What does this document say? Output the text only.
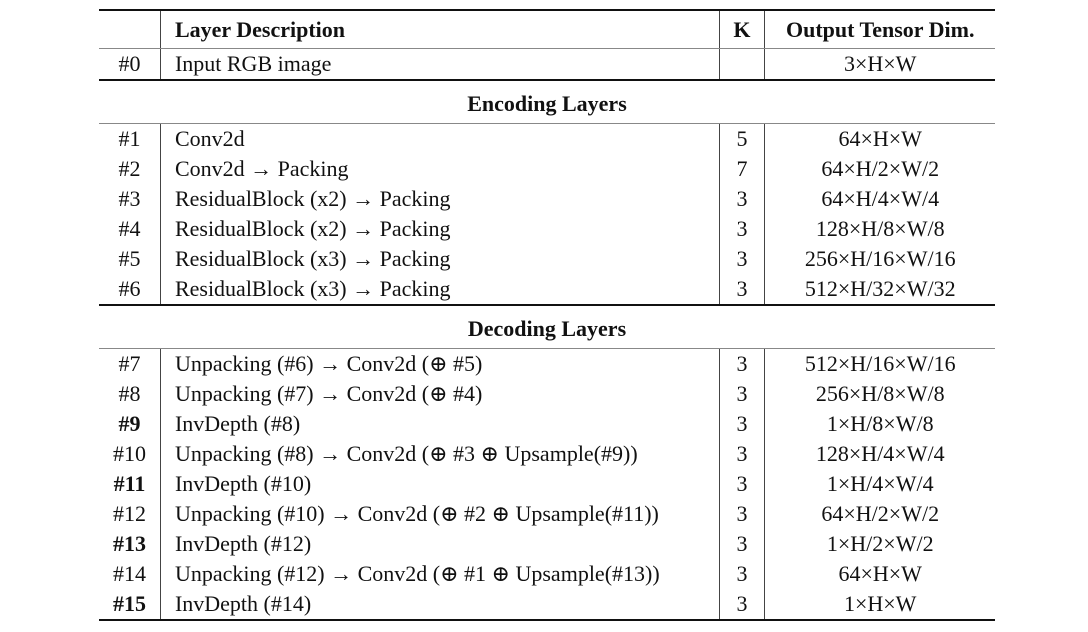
	Layer Description	K	Output Tensor Dim.
#0	Input RGB image		3×H×W
Encoding Layers			
#1	Conv2d	5	64×H×W
#2	Conv2d → Packing	7	64×H/2×W/2
#3	ResidualBlock (x2) → Packing	3	64×H/4×W/4
#4	ResidualBlock (x2) → Packing	3	128×H/8×W/8
#5	ResidualBlock (x3) → Packing	3	256×H/16×W/16
#6	ResidualBlock (x3) → Packing	3	512×H/32×W/32
Decoding Layers			
#7	Unpacking (#6) → Conv2d (⊕ #5)	3	512×H/16×W/16
#8	Unpacking (#7) → Conv2d (⊕ #4)	3	256×H/8×W/8
#9	InvDepth (#8)	3	1×H/8×W/8
#10	Unpacking (#8) → Conv2d (⊕ #3 ⊕ Upsample(#9))	3	128×H/4×W/4
#11	InvDepth (#10)	3	1×H/4×W/4
#12	Unpacking (#10) → Conv2d (⊕ #2 ⊕ Upsample(#11))	3	64×H/2×W/2
#13	InvDepth (#12)	3	1×H/2×W/2
#14	Unpacking (#12) → Conv2d (⊕ #1 ⊕ Upsample(#13))	3	64×H×W
#15	InvDepth (#14)	3	1×H×W
